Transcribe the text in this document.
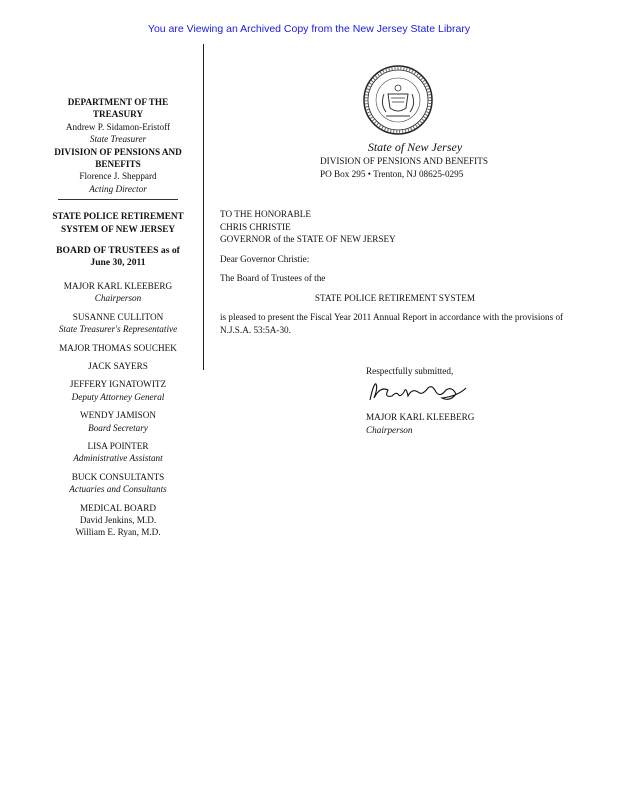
You are Viewing an Archived Copy from the New Jersey State Library
DEPARTMENT OF THE TREASURY
Andrew P. Sidamon-Eristoff
State Treasurer
DIVISION OF PENSIONS AND BENEFITS
Florence J. Sheppard
Acting Director
STATE POLICE RETIREMENT SYSTEM OF NEW JERSEY
BOARD OF TRUSTEES as of June 30, 2011
MAJOR KARL KLEEBERG
Chairperson
SUSANNE CULLITON
State Treasurer's Representative
MAJOR THOMAS SOUCHEK
JACK SAYERS
JEFFERY IGNATOWITZ
Deputy Attorney General
WENDY JAMISON
Board Secretary
LISA POINTER
Administrative Assistant
BUCK CONSULTANTS
Actuaries and Consultants
MEDICAL BOARD
David Jenkins, M.D.
William E. Ryan, M.D.
State of New Jersey
DIVISION OF PENSIONS AND BENEFITS
PO Box 295 • Trenton, NJ 08625-0295
TO THE HONORABLE
CHRIS CHRISTIE
GOVERNOR of the STATE OF NEW JERSEY
Dear Governor Christie:
The Board of Trustees of the
STATE POLICE RETIREMENT SYSTEM
is pleased to present the Fiscal Year 2011 Annual Report in accordance with the provisions of N.J.S.A. 53:5A-30.
Respectfully submitted,
MAJOR KARL KLEEBERG
Chairperson
